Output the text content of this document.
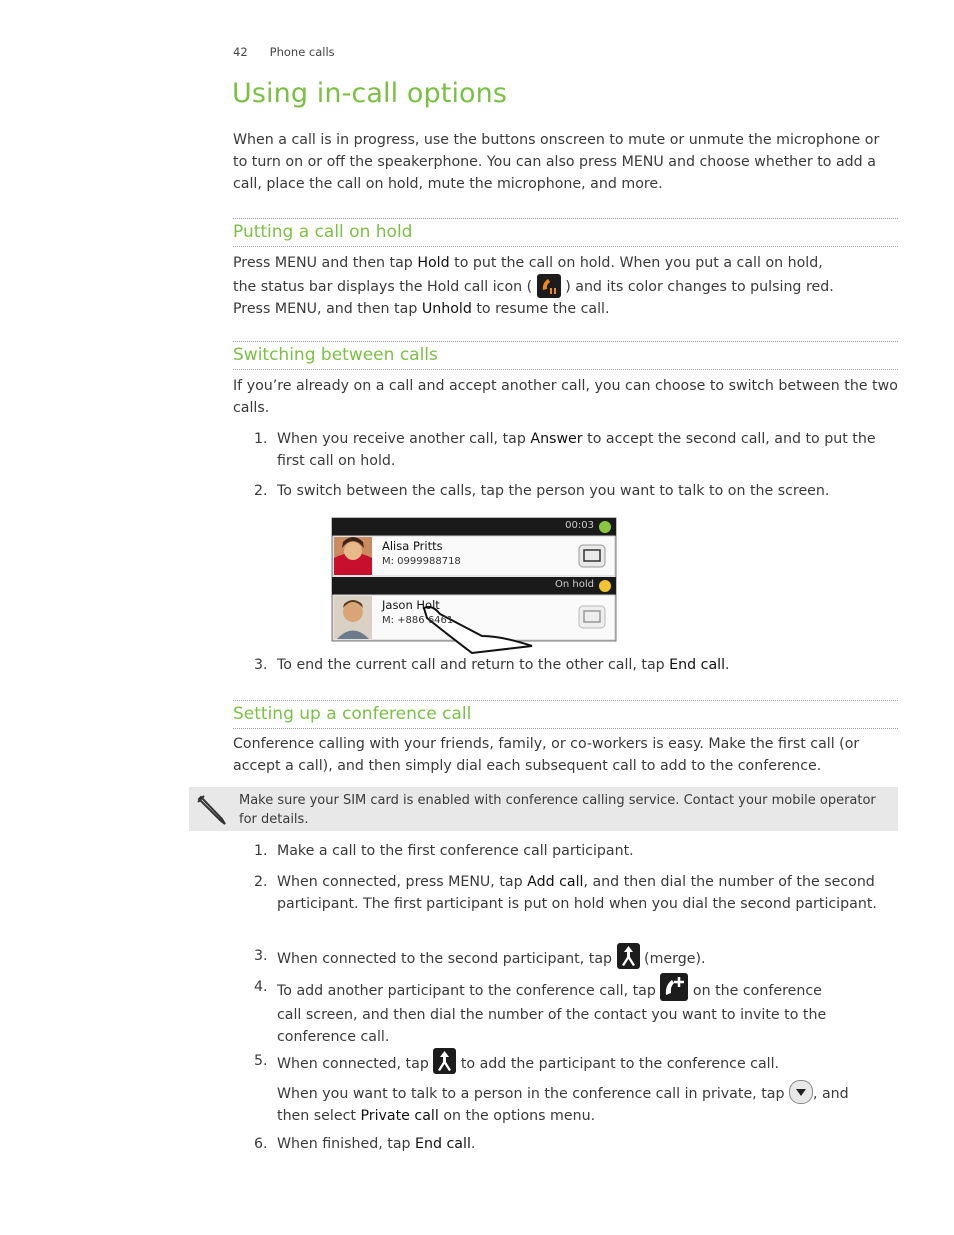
42 Phone calls
Using in-call options

When a call is in progress, use the buttons onscreen to mute or unmute the microphone or to turn on or off the speakerphone. You can also press MENU and choose whether to add a call, place the call on hold, mute the microphone, and more.

Putting a call on hold
Press MENU and then tap Hold to put the call on hold. When you put a call on hold,
the status bar displays the Hold call icon ( ) and its color changes to pulsing red.
Press MENU, and then tap Unhold to resume the call.
Switching between calls

If you’re already on a call and accept another call, you can choose to switch between the two calls.

1. When you receive another call, tap Answer to accept the second call, and to put the first call on hold.
2. To switch between the calls, tap the person you want to talk to on the screen.
00:03
Alisa Pritts
M: 0999988718
On hold
Jason Holt
M: +886 6461
3. To end the current call and return to the other call, tap End call.
Setting up a conference call

Conference calling with your friends, family, or co-workers is easy. Make the first call (or accept a call), and then simply dial each subsequent call to add to the conference.

Make sure your SIM card is enabled with conference calling service. Contact your mobile operator for details.
1. Make a call to the first conference call participant.
2. When connected, press MENU, tap Add call, and then dial the number of the second participant. The first participant is put on hold when you dial the second participant.
3. When connected to the second participant, tap  (merge).
4. To add another participant to the conference call, tap  on the conference
call screen, and then dial the number of the contact you want to invite to the conference call.
5. When connected, tap  to add the participant to the conference call.
When you want to talk to a person in the conference call in private, tap , and
then select Private call on the options menu.
6. When finished, tap End call.
